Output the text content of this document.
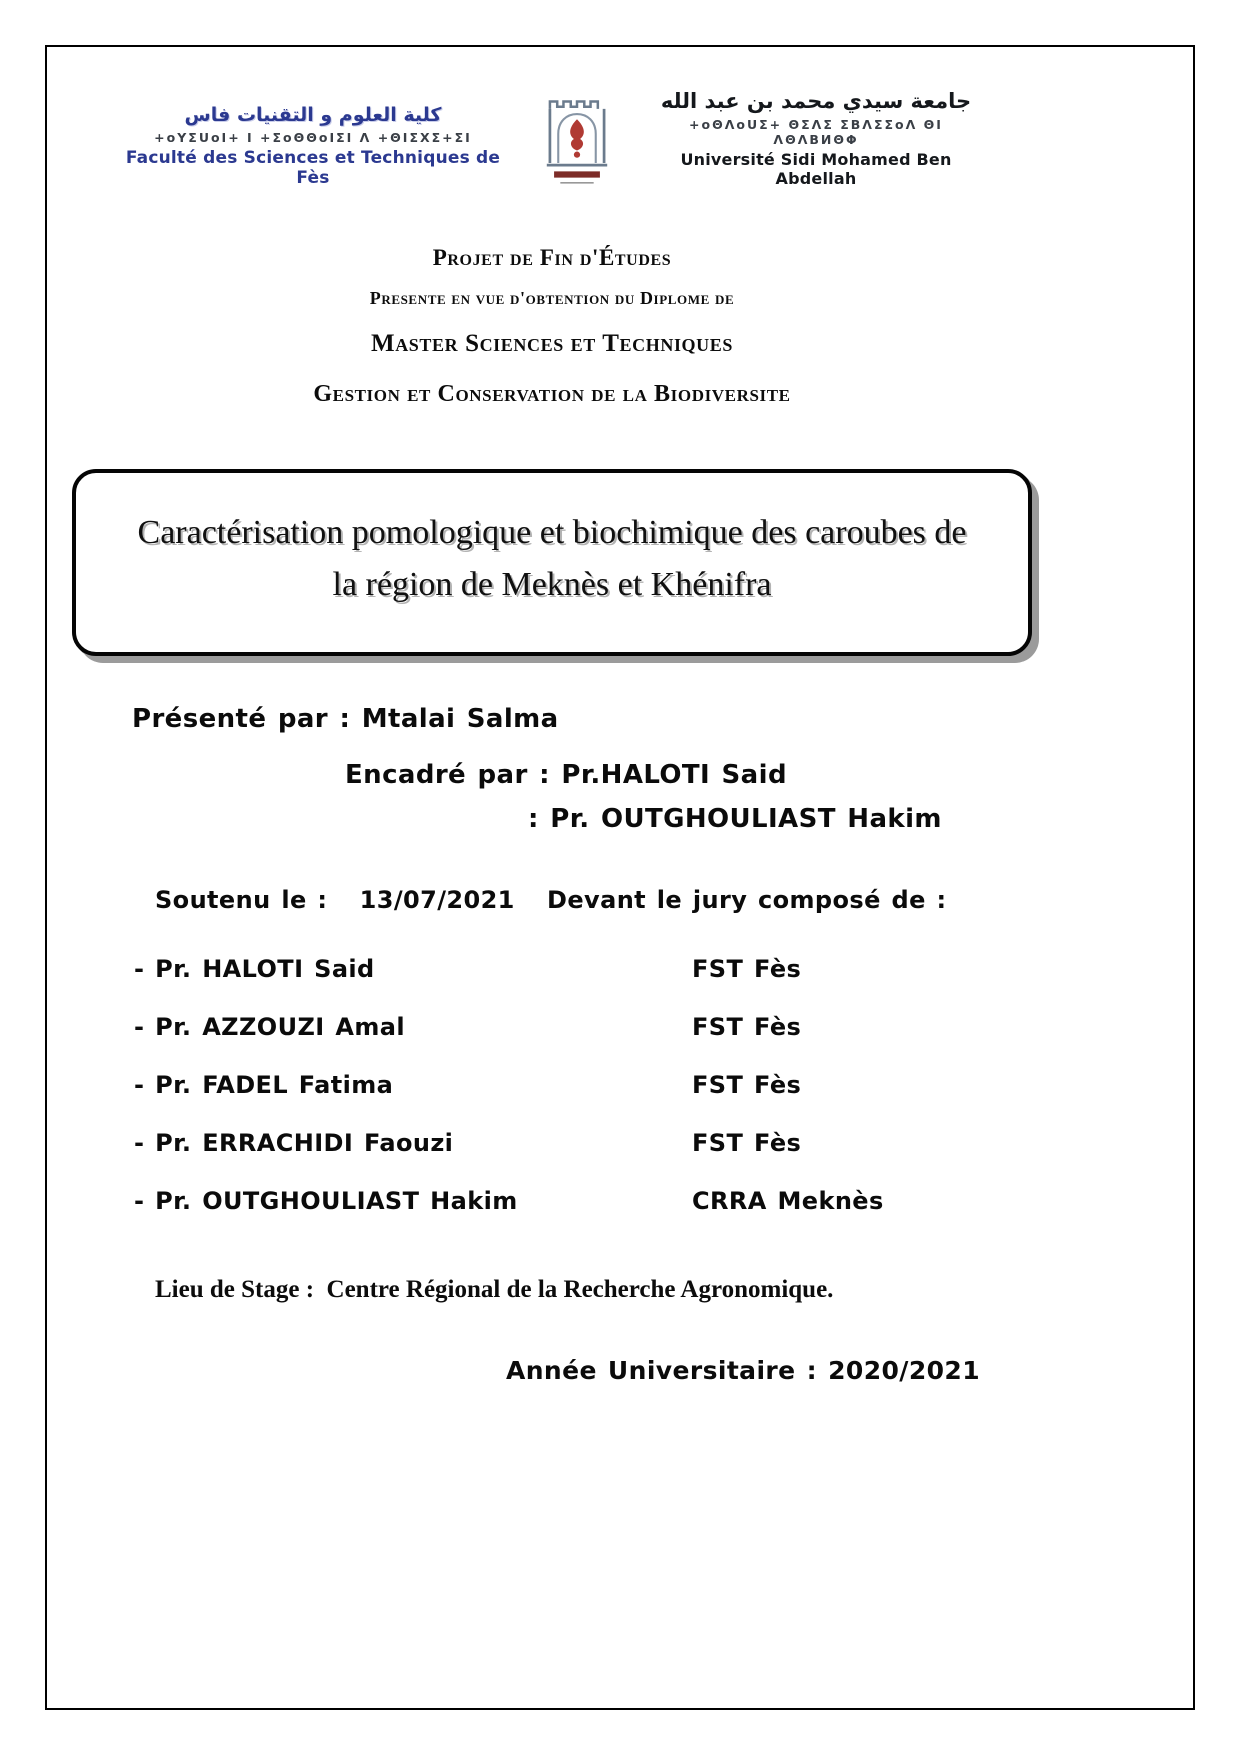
كلية العلوم و التقنيات فاس
+oYΣUoI+ I +ΣoΘΘoIΣI Λ +ΘIΣXΣ+ΣI
Faculté des Sciences et Techniques de Fès
جامعة سيدي محمد بن عبد الله
+oΘΛoUΣ+ ΘΣΛΣ ΣBΛΣΣoΛ ΘI ΛΘΛBИΘΦ
Université Sidi Mohamed Ben Abdellah
Projet de Fin d'Études
Presente en vue d'obtention du Diplome de
Master Sciences et Techniques
Gestion et Conservation de la Biodiversite
Caractérisation pomologique et biochimique des caroubes de
la région de Meknès et Khénifra
Présenté par : Mtalai Salma
Encadré par : Pr.HALOTI Said
: Pr. OUTGHOULIAST Hakim
Soutenu le :   13/07/2021   Devant le jury composé de :
- Pr. HALOTI Said	FST Fès
- Pr. AZZOUZI Amal	FST Fès
- Pr. FADEL Fatima	FST Fès
- Pr. ERRACHIDI Faouzi	FST Fès
- Pr. OUTGHOULIAST Hakim	CRRA Meknès
Lieu de Stage :  Centre Régional de la Recherche Agronomique.
Année Universitaire : 2020/2021
